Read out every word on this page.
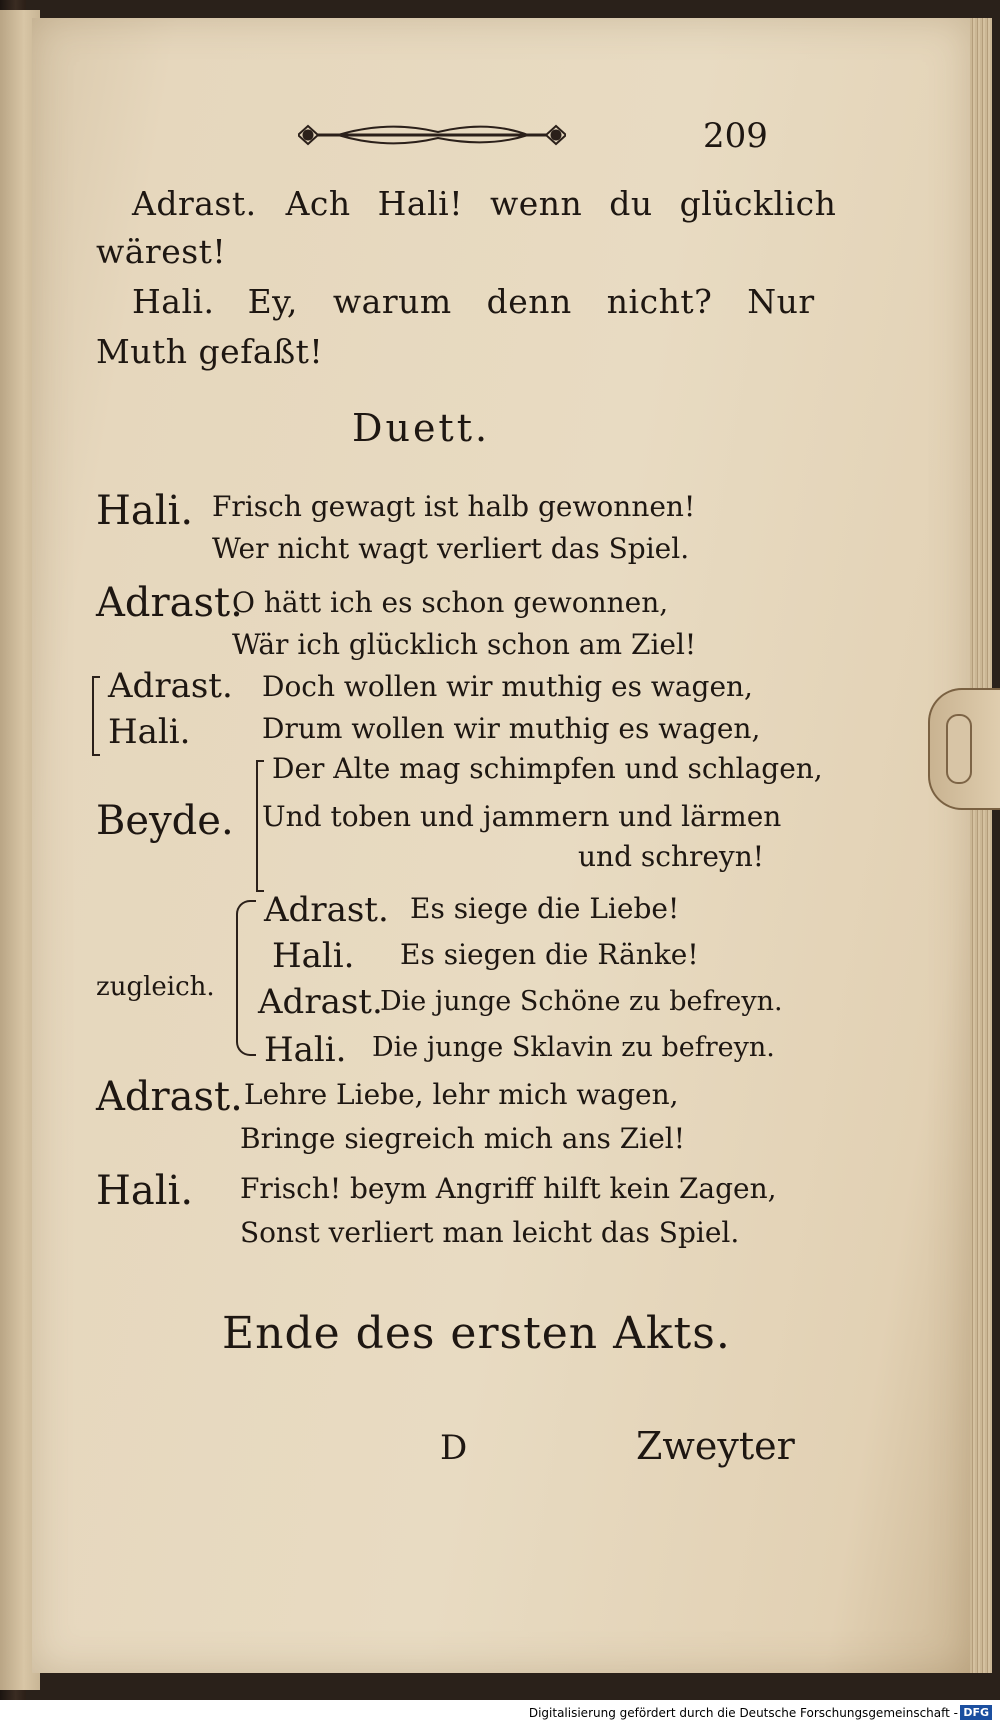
209
Adrast. Ach Hali! wenn du glücklich
wärest!
Hali. Ey, warum denn nicht? Nur
Muth gefaßt!
Duett.
Hali. Frisch gewagt ist halb gewonnen!
Wer nicht wagt verliert das Spiel.
Adrast.
O hätt ich es schon gewonnen,
Wär ich glücklich schon am Ziel!
Adrast. Doch wollen wir muthig es wagen,
Hali.	Drum wollen wir muthig es wagen,
Beyde.
Der Alte mag schimpfen und schlagen,
Und toben und jammern und lärmen
und schreyn!
zugleich.
Adrast. Es siege die Liebe!
Hali. Es siegen die Ränke!
Adrast.
Die junge Schöne zu befreyn.
Hali. Die junge Sklavin zu befreyn.
Adrast. Lehre Liebe, lehr mich wagen,
Bringe siegreich mich ans Ziel!
Hali. Frisch! beym Angriff hilft kein Zagen,
Sonst verliert man leicht das Spiel.
Ende des ersten Akts.
D	Zweyter
Digitalisierung gefördert durch die Deutsche Forschungsgemeinschaft - DFG
